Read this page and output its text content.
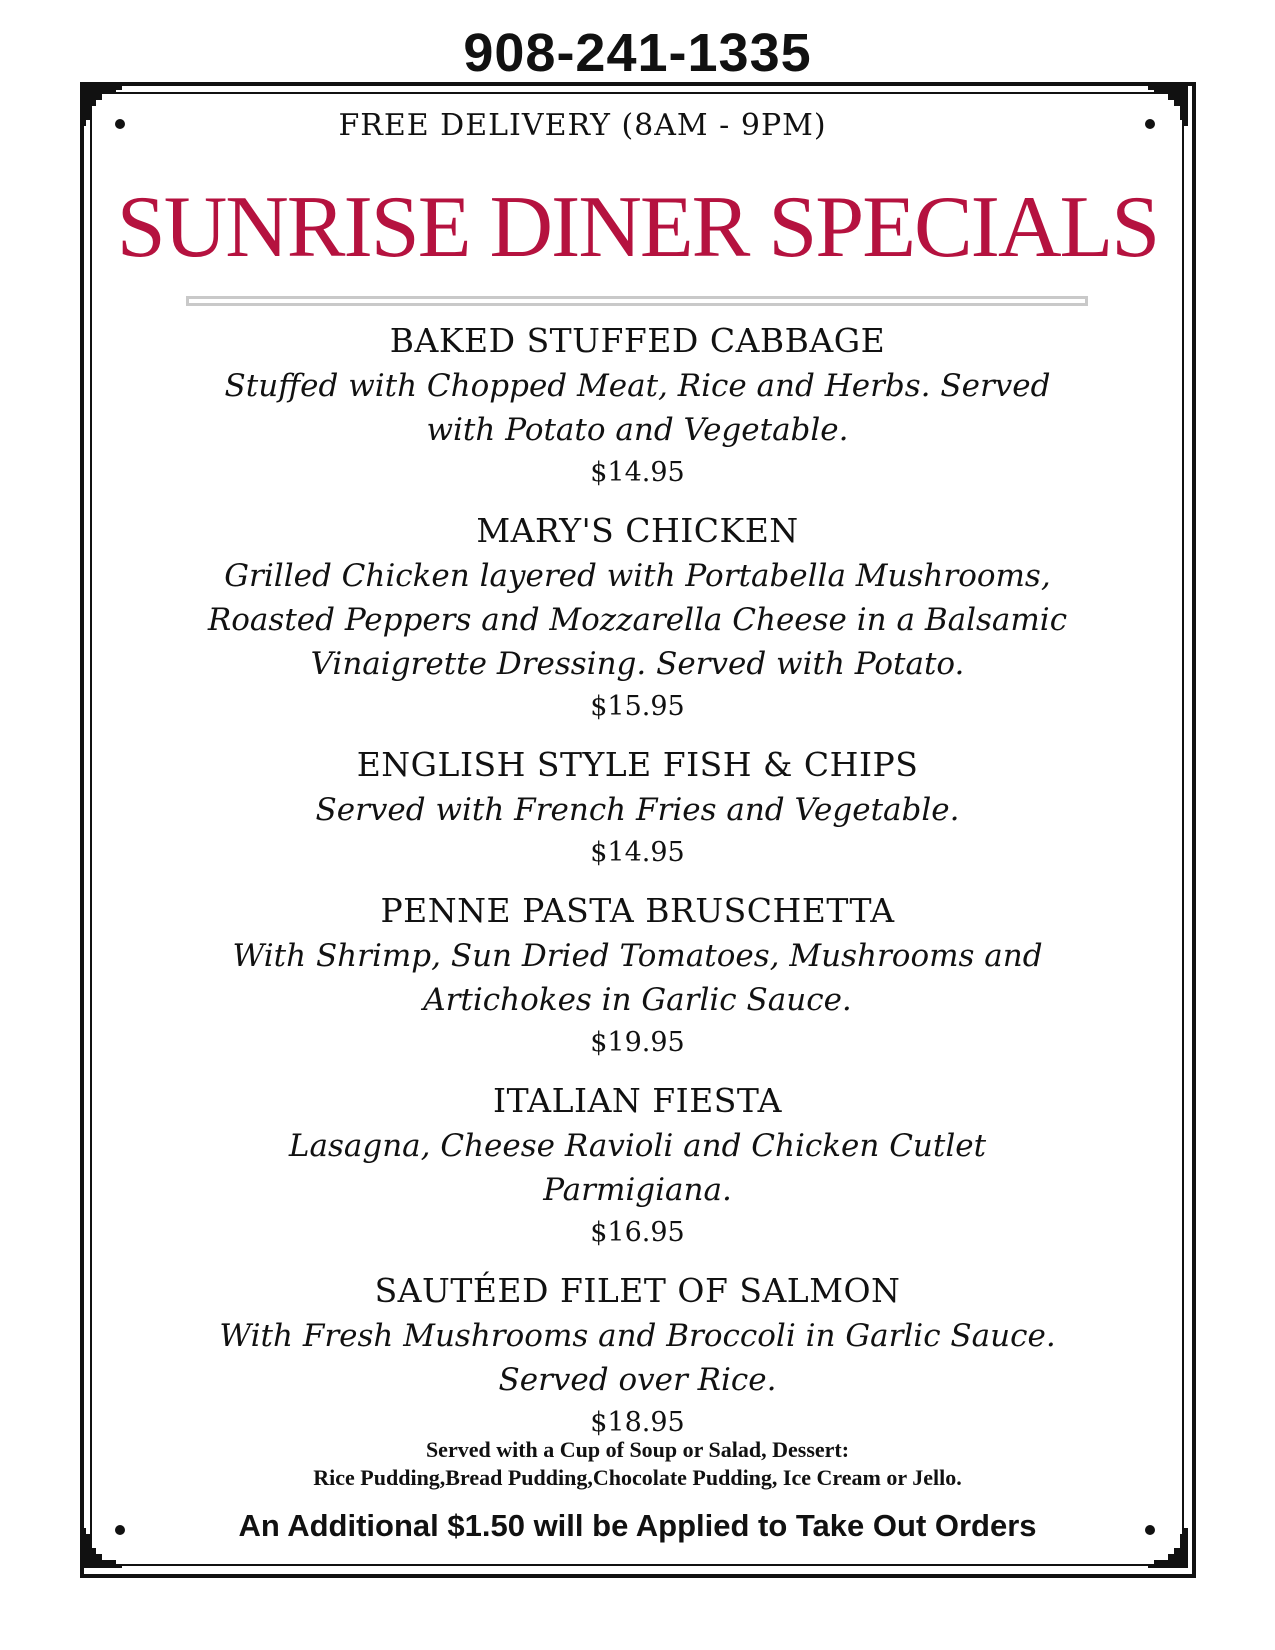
908-241-1335
FREE DELIVERY (8AM - 9PM)
SUNRISE DINER SPECIALS
BAKED STUFFED CABBAGE
Stuffed with Chopped Meat, Rice and Herbs. Served with Potato and Vegetable.
$14.95
MARY'S CHICKEN
Grilled Chicken layered with Portabella Mushrooms, Roasted Peppers and Mozzarella Cheese in a Balsamic Vinaigrette Dressing. Served with Potato.
$15.95
ENGLISH STYLE FISH & CHIPS
Served with French Fries and Vegetable.
$14.95
PENNE PASTA BRUSCHETTA
With Shrimp, Sun Dried Tomatoes, Mushrooms and Artichokes in Garlic Sauce.
$19.95
ITALIAN FIESTA
Lasagna, Cheese Ravioli and Chicken Cutlet Parmigiana.
$16.95
SAUTÉED FILET OF SALMON
With Fresh Mushrooms and Broccoli in Garlic Sauce. Served over Rice.
$18.95
Served with a Cup of Soup or Salad, Dessert:
Rice Pudding,Bread Pudding,Chocolate Pudding, Ice Cream or Jello.
An Additional $1.50 will be Applied to Take Out Orders
